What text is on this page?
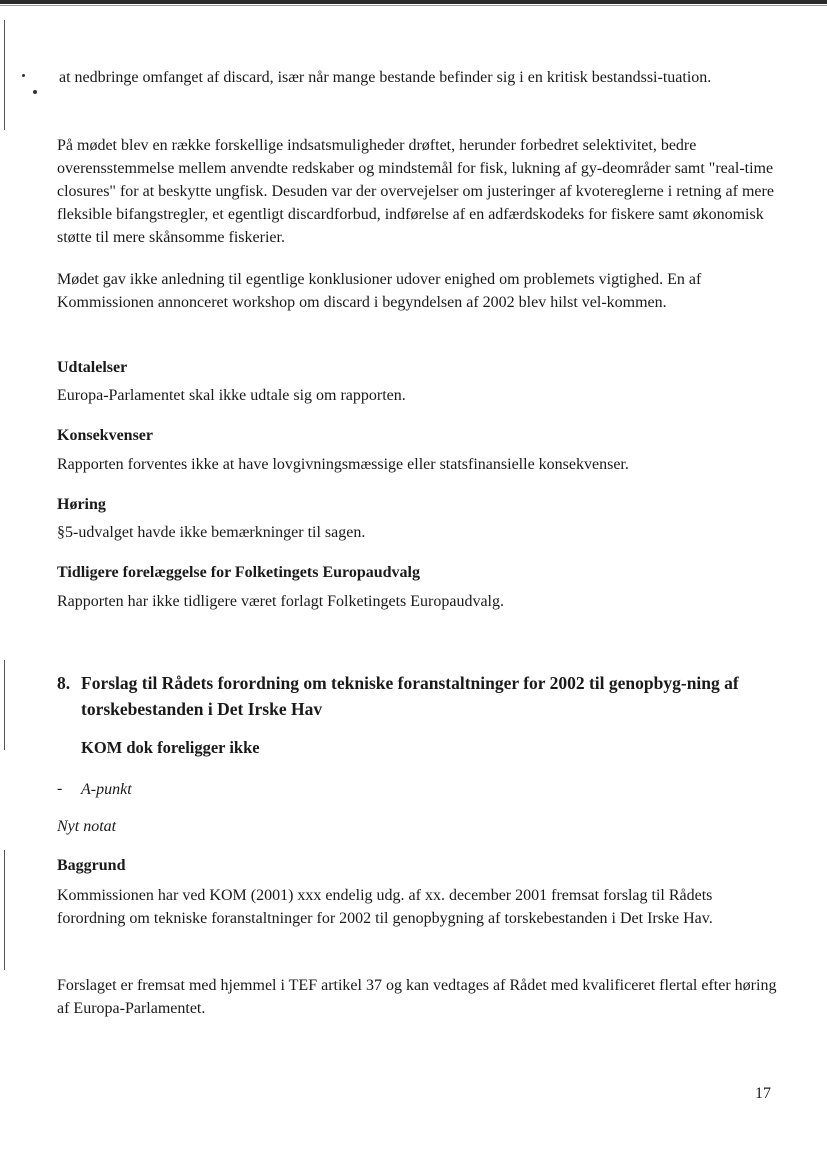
at nedbringe omfanget af discard, især når mange bestande befinder sig i en kritisk bestandssi-tuation.

På mødet blev en række forskellige indsatsmuligheder drøftet, herunder forbedret selektivitet, bedre overensstemmelse mellem anvendte redskaber og mindstemål for fisk, lukning af gy-deområder samt "real-time closures" for at beskytte ungfisk. Desuden var der overvejelser om justeringer af kvotereglerne i retning af mere fleksible bifangstregler, et egentligt discardforbud, indførelse af en adfærdskodeks for fiskere samt økonomisk støtte til mere skånsomme fiskerier.

Mødet gav ikke anledning til egentlige konklusioner udover enighed om problemets vigtighed. En af Kommissionen annonceret workshop om discard i begyndelsen af 2002 blev hilst vel-kommen.

Udtalelser

Europa-Parlamentet skal ikke udtale sig om rapporten.

Konsekvenser

Rapporten forventes ikke at have lovgivningsmæssige eller statsfinansielle konsekvenser.

Høring

§5-udvalget havde ikke bemærkninger til sagen.

Tidligere forelæggelse for Folketingets Europaudvalg

Rapporten har ikke tidligere været forlagt Folketingets Europaudvalg.

8. Forslag til Rådets forordning om tekniske foranstaltninger for 2002 til genopbyg-ning af torskebestanden i Det Irske Hav

KOM dok foreligger ikke

- A-punkt

Nyt notat

Baggrund

Kommissionen har ved KOM (2001) xxx endelig udg. af xx. december 2001 fremsat forslag til Rådets forordning om tekniske foranstaltninger for 2002 til genopbygning af torskebestanden i Det Irske Hav.

Forslaget er fremsat med hjemmel i TEF artikel 37 og kan vedtages af Rådet med kvalificeret flertal efter høring af Europa-Parlamentet.

17
